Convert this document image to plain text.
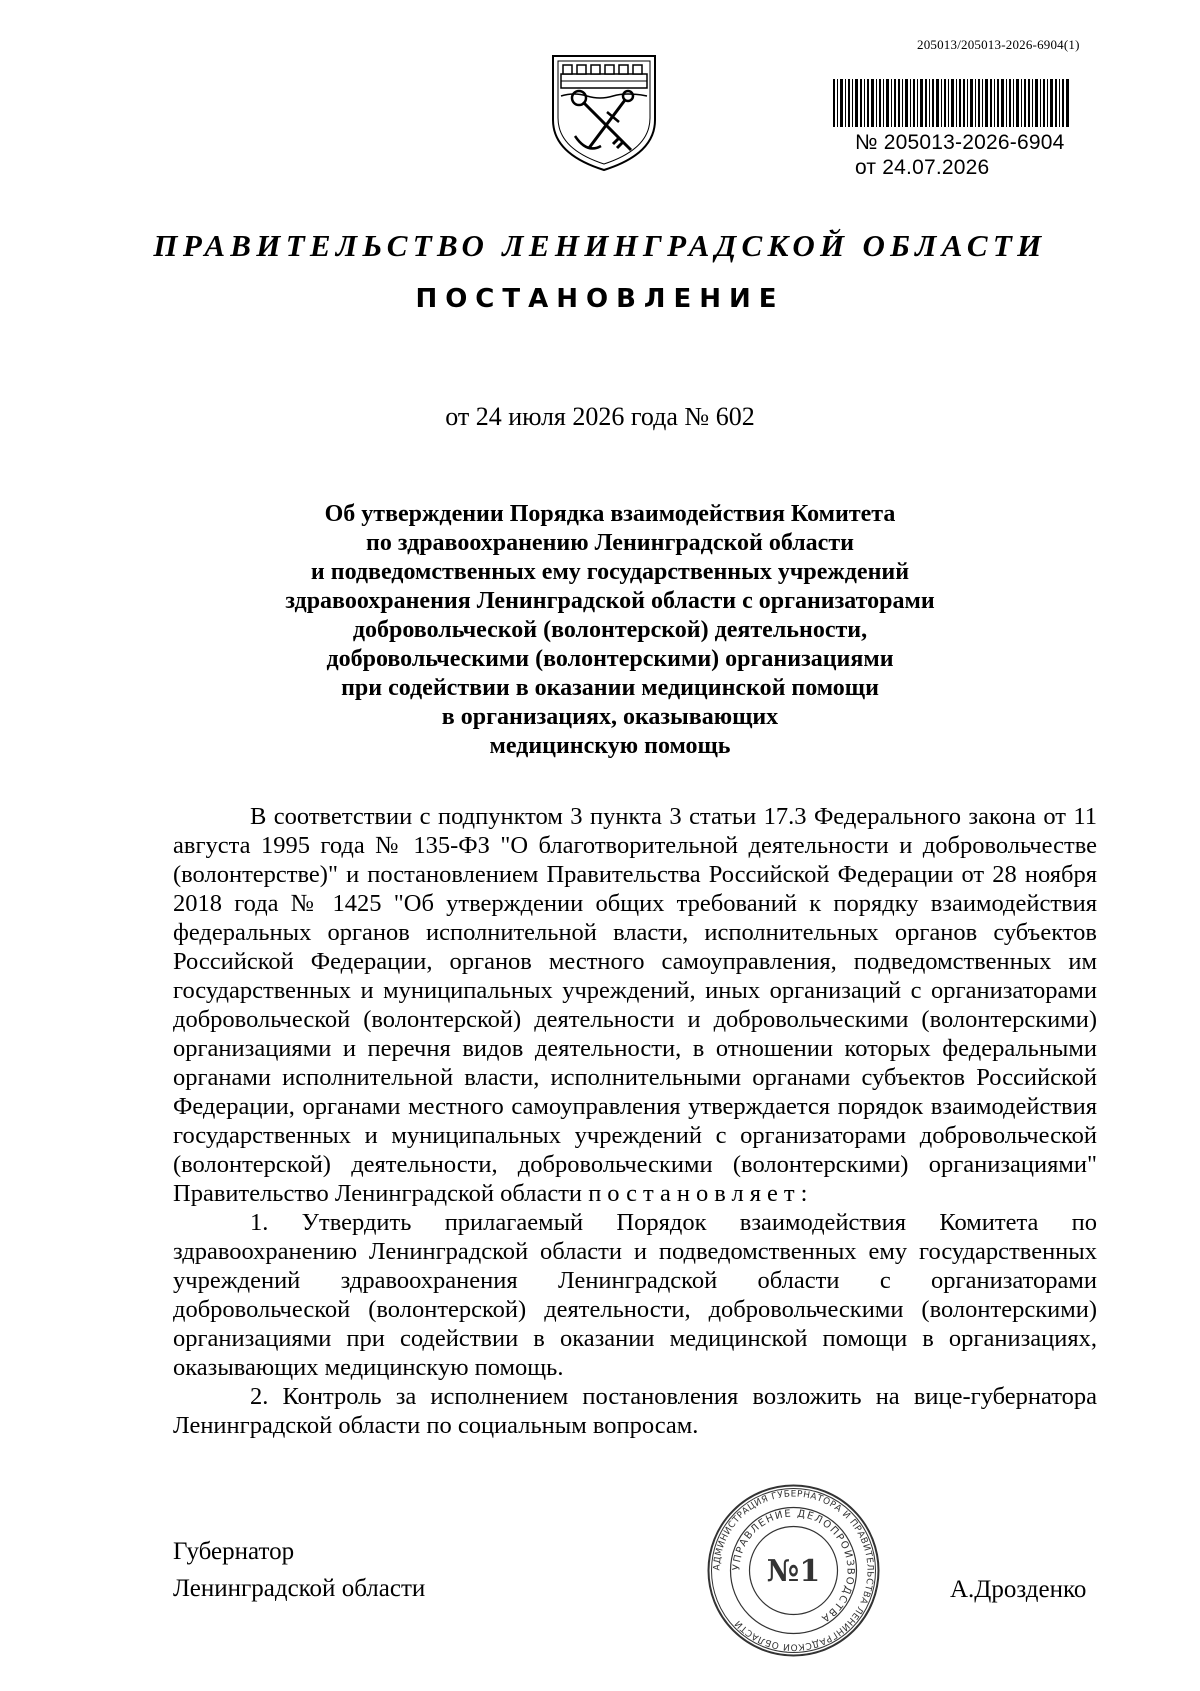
205013/205013-2026-6904(1)
№ 205013-2026-6904
от 24.07.2026
ПРАВИТЕЛЬСТВО ЛЕНИНГРАДСКОЙ ОБЛАСТИ
ПОСТАНОВЛЕНИЕ
от 24 июля 2026 года № 602
Об утверждении Порядка взаимодействия Комитета
по здравоохранению Ленинградской области
и подведомственных ему государственных учреждений
здравоохранения Ленинградской области с организаторами
добровольческой (волонтерской) деятельности,
добровольческими (волонтерскими) организациями
при содействии в оказании медицинской помощи
в организациях, оказывающих
медицинскую помощь

В соответствии с подпунктом 3 пункта 3 статьи 17.3 Федерального закона от 11 августа 1995 года № 135-ФЗ "О благотворительной деятельности и добровольчестве (волонтерстве)" и постановлением Правительства Российской Федерации от 28 ноября 2018 года № 1425 "Об утверждении общих требований к порядку взаимодействия федеральных органов исполнительной власти, исполнительных органов субъектов Российской Федерации, органов местного самоуправления, подведомственных им государственных и муниципальных учреждений, иных организаций с организаторами добровольческой (волонтерской) деятельности и добровольческими (волонтерскими) организациями и перечня видов деятельности, в отношении которых федеральными органами исполнительной власти, исполнительными органами субъектов Российской Федерации, органами местного самоуправления утверждается порядок взаимодействия государственных и муниципальных учреждений с организаторами добровольческой (волонтерской) деятельности, добровольческими (волонтерскими) организациями" Правительство Ленинградской области постановляет:

1. Утвердить прилагаемый Порядок взаимодействия Комитета по здравоохранению Ленинградской области и подведомственных ему государственных учреждений здравоохранения Ленинградской области с организаторами добровольческой (волонтерской) деятельности, добровольческими (волонтерскими) организациями при содействии в оказании медицинской помощи в организациях, оказывающих медицинскую помощь.

2. Контроль за исполнением постановления возложить на вице-губернатора Ленинградской области по социальным вопросам.

Губернатор
Ленинградской области	А.Дрозденко
АДМИНИСТРАЦИЯ ГУБЕРНАТОРА И ПРАВИТЕЛЬСТВА ЛЕНИНГРАДСКОЙ ОБЛАСТИ
УПРАВЛЕНИЕ ДЕЛОПРОИЗВОДСТВА
№1
